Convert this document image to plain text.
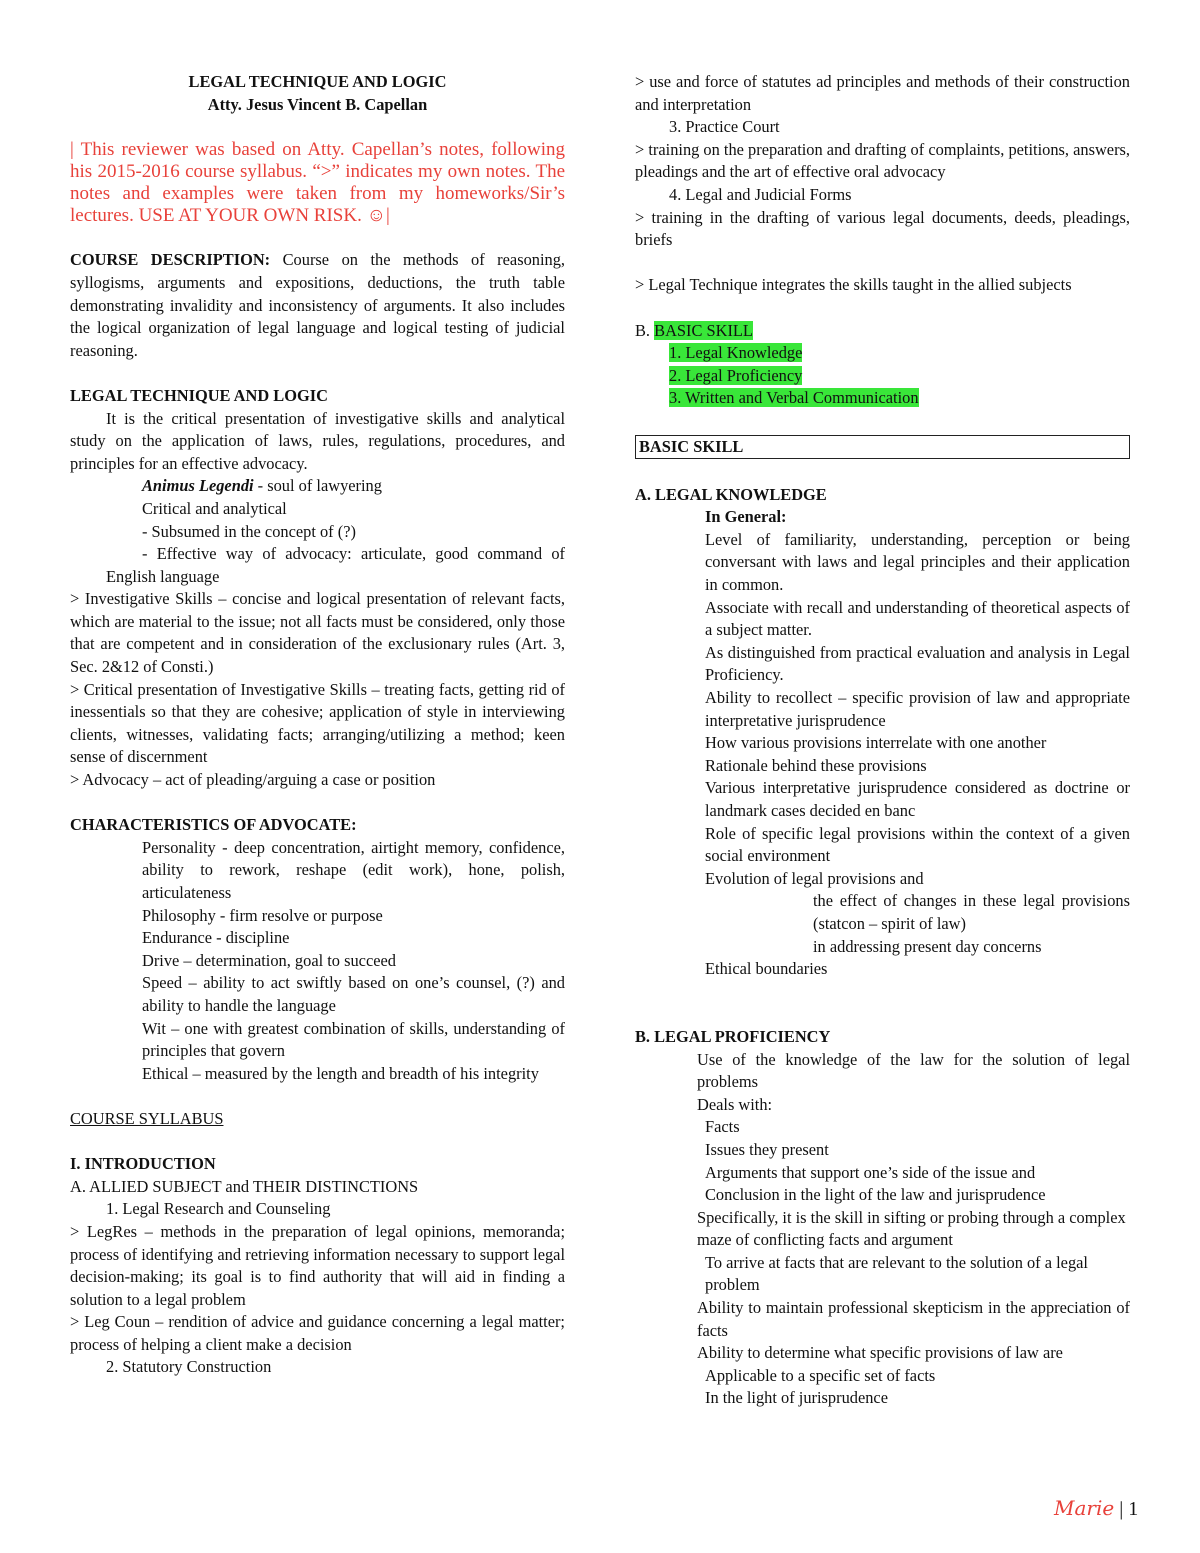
LEGAL TECHNIQUE AND LOGIC

Atty. Jesus Vincent B. Capellan

| This reviewer was based on Atty. Capellan’s notes, following his 2015-2016 course syllabus. “>” indicates my own notes. The notes and examples were taken from my homeworks/Sir’s lectures. USE AT YOUR OWN RISK. ☺|

COURSE DESCRIPTION: Course on the methods of reasoning, syllogisms, arguments and expositions, deductions, the truth table demonstrating invalidity and inconsistency of arguments. It also includes the logical organization of legal language and logical testing of judicial reasoning.

LEGAL TECHNIQUE AND LOGIC

It is the critical presentation of investigative skills and analytical study on the application of laws, rules, regulations, procedures, and principles for an effective advocacy.

Animus Legendi - soul of lawyering

Critical and analytical

- Subsumed in the concept of (?)

- Effective way of advocacy: articulate, good command of English language

> Investigative Skills – concise and logical presentation of relevant facts, which are material to the issue; not all facts must be considered, only those that are competent and in consideration of the exclusionary rules (Art. 3, Sec. 2&12 of Consti.)

> Critical presentation of Investigative Skills – treating facts, getting rid of inessentials so that they are cohesive; application of style in interviewing clients, witnesses, validating facts; arranging/utilizing a method; keen sense of discernment

> Advocacy – act of pleading/arguing a case or position

CHARACTERISTICS OF ADVOCATE:

Personality - deep concentration, airtight memory, confidence, ability to rework, reshape (edit work), hone, polish, articulateness

Philosophy - firm resolve or purpose

Endurance - discipline

Drive – determination, goal to succeed

Speed – ability to act swiftly based on one’s counsel, (?) and ability to handle the language

Wit – one with greatest combination of skills, understanding of principles that govern

Ethical – measured by the length and breadth of his integrity

COURSE SYLLABUS

I. INTRODUCTION

A. ALLIED SUBJECT and THEIR DISTINCTIONS

1. Legal Research and Counseling

> LegRes – methods in the preparation of legal opinions, memoranda; process of identifying and retrieving information necessary to support legal decision-making; its goal is to find authority that will aid in finding a solution to a legal problem

> Leg Coun – rendition of advice and guidance concerning a legal matter; process of helping a client make a decision

2. Statutory Construction

> use and force of statutes ad principles and methods of their construction and interpretation

3. Practice Court

> training on the preparation and drafting of complaints, petitions, answers, pleadings and the art of effective oral advocacy

4. Legal and Judicial Forms

> training in the drafting of various legal documents, deeds, pleadings, briefs

> Legal Technique integrates the skills taught in the allied subjects

B. BASIC SKILL

1. Legal Knowledge

2. Legal Proficiency

3. Written and Verbal Communication

BASIC SKILL

A. LEGAL KNOWLEDGE

In General:

Level of familiarity, understanding, perception or being conversant with laws and legal principles and their application in common.

Associate with recall and understanding of theoretical aspects of a subject matter.

As distinguished from practical evaluation and analysis in Legal Proficiency.

Ability to recollect – specific provision of law and appropriate interpretative jurisprudence

How various provisions interrelate with one another

Rationale behind these provisions

Various interpretative jurisprudence considered as doctrine or landmark cases decided en banc

Role of specific legal provisions within the context of a given social environment

Evolution of legal provisions and

the effect of changes in these legal provisions (statcon – spirit of law)

in addressing present day concerns

Ethical boundaries

B. LEGAL PROFICIENCY

Use of the knowledge of the law for the solution of legal problems

Deals with:

Facts

Issues they present

Arguments that support one’s side of the issue and

Conclusion in the light of the law and jurisprudence

Specifically, it is the skill in sifting or probing through a complex maze of conflicting facts and argument

To arrive at facts that are relevant to the solution of a legal problem

Ability to maintain professional skepticism in the appreciation of facts

Ability to determine what specific provisions of law are

Applicable to a specific set of facts

In the light of jurisprudence

Marie | 1
